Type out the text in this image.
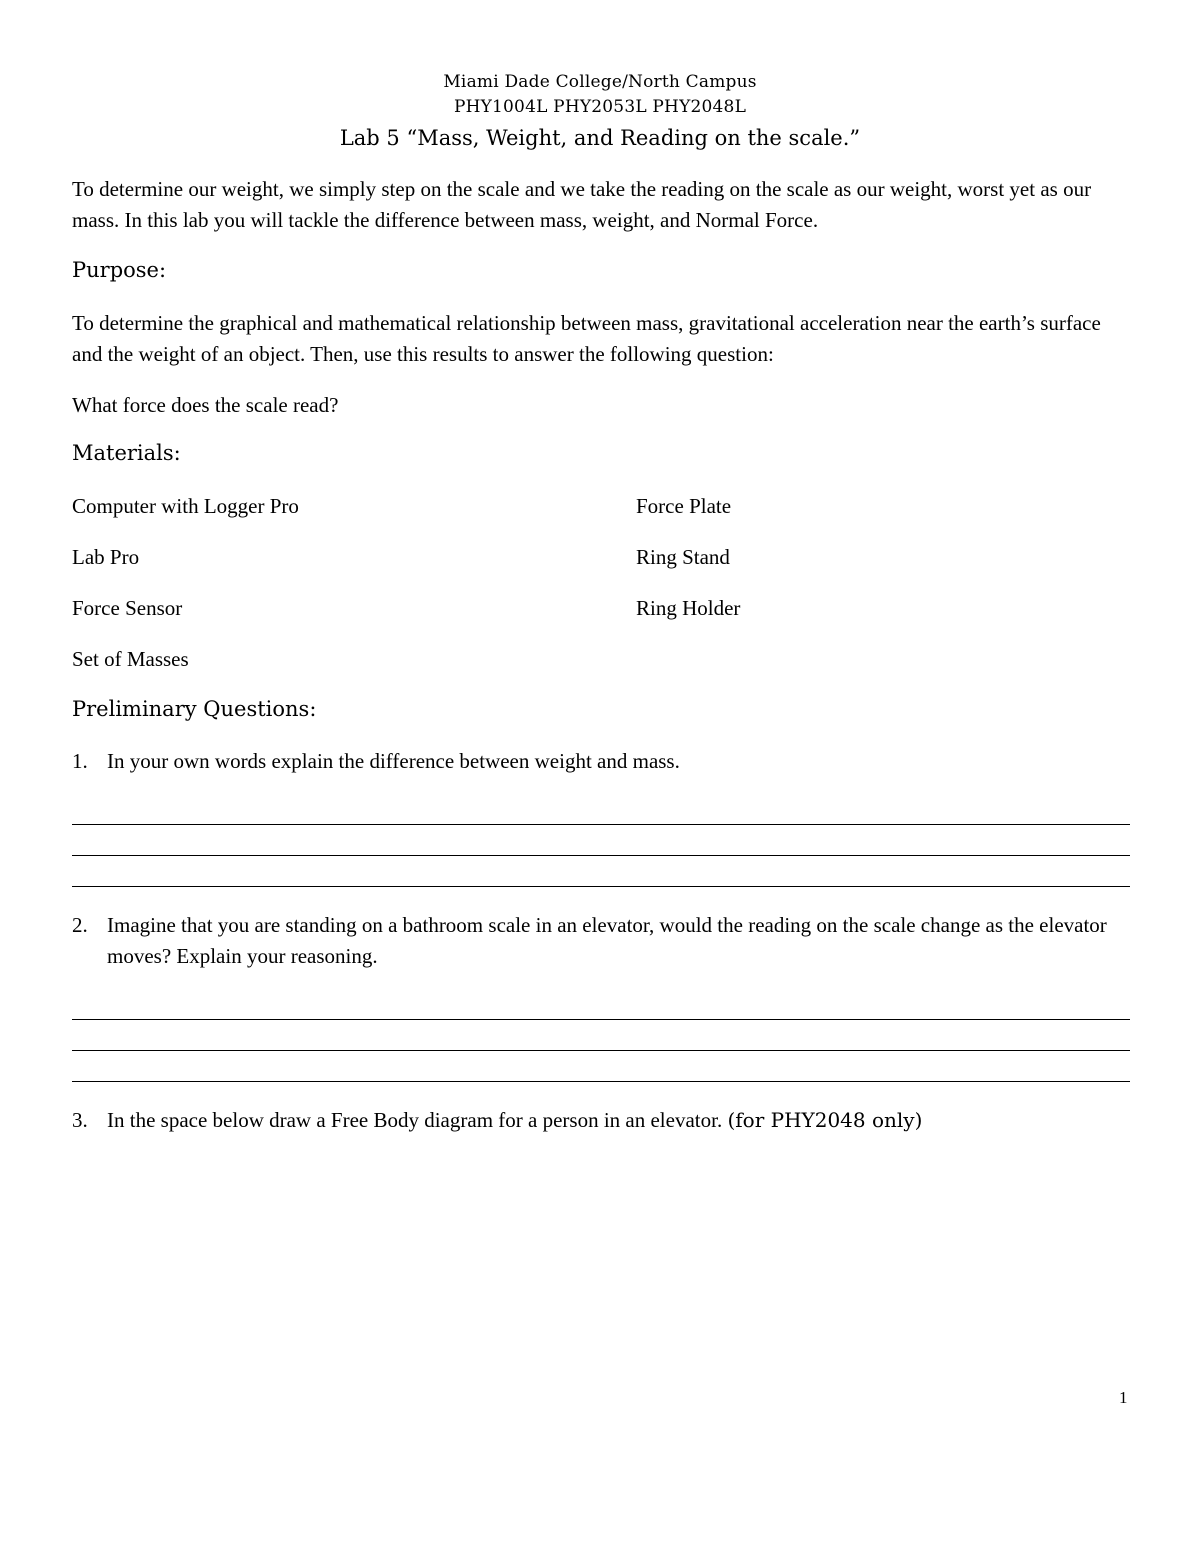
Miami Dade College/North Campus
PHY1004L PHY2053L PHY2048L
Lab 5 “Mass, Weight, and Reading on the scale.”
To determine our weight, we simply step on the scale and we take the reading on the scale as our weight, worst yet as our mass. In this lab you will tackle the difference between mass, weight, and Normal Force.
Purpose:
To determine the graphical and mathematical relationship between mass, gravitational acceleration near the earth’s surface and the weight of an object. Then, use this results to answer the following question:
What force does the scale read?
Materials:
Computer with Logger Pro	Force Plate
Lab Pro	Ring Stand
Force Sensor	Ring Holder
Set of Masses
Preliminary Questions:
1. In your own words explain the difference between weight and mass.
2. Imagine that you are standing on a bathroom scale in an elevator, would the reading on the scale change as the elevator moves? Explain your reasoning.
3. In the space below draw a Free Body diagram for a person in an elevator. (for PHY2048 only)
1
